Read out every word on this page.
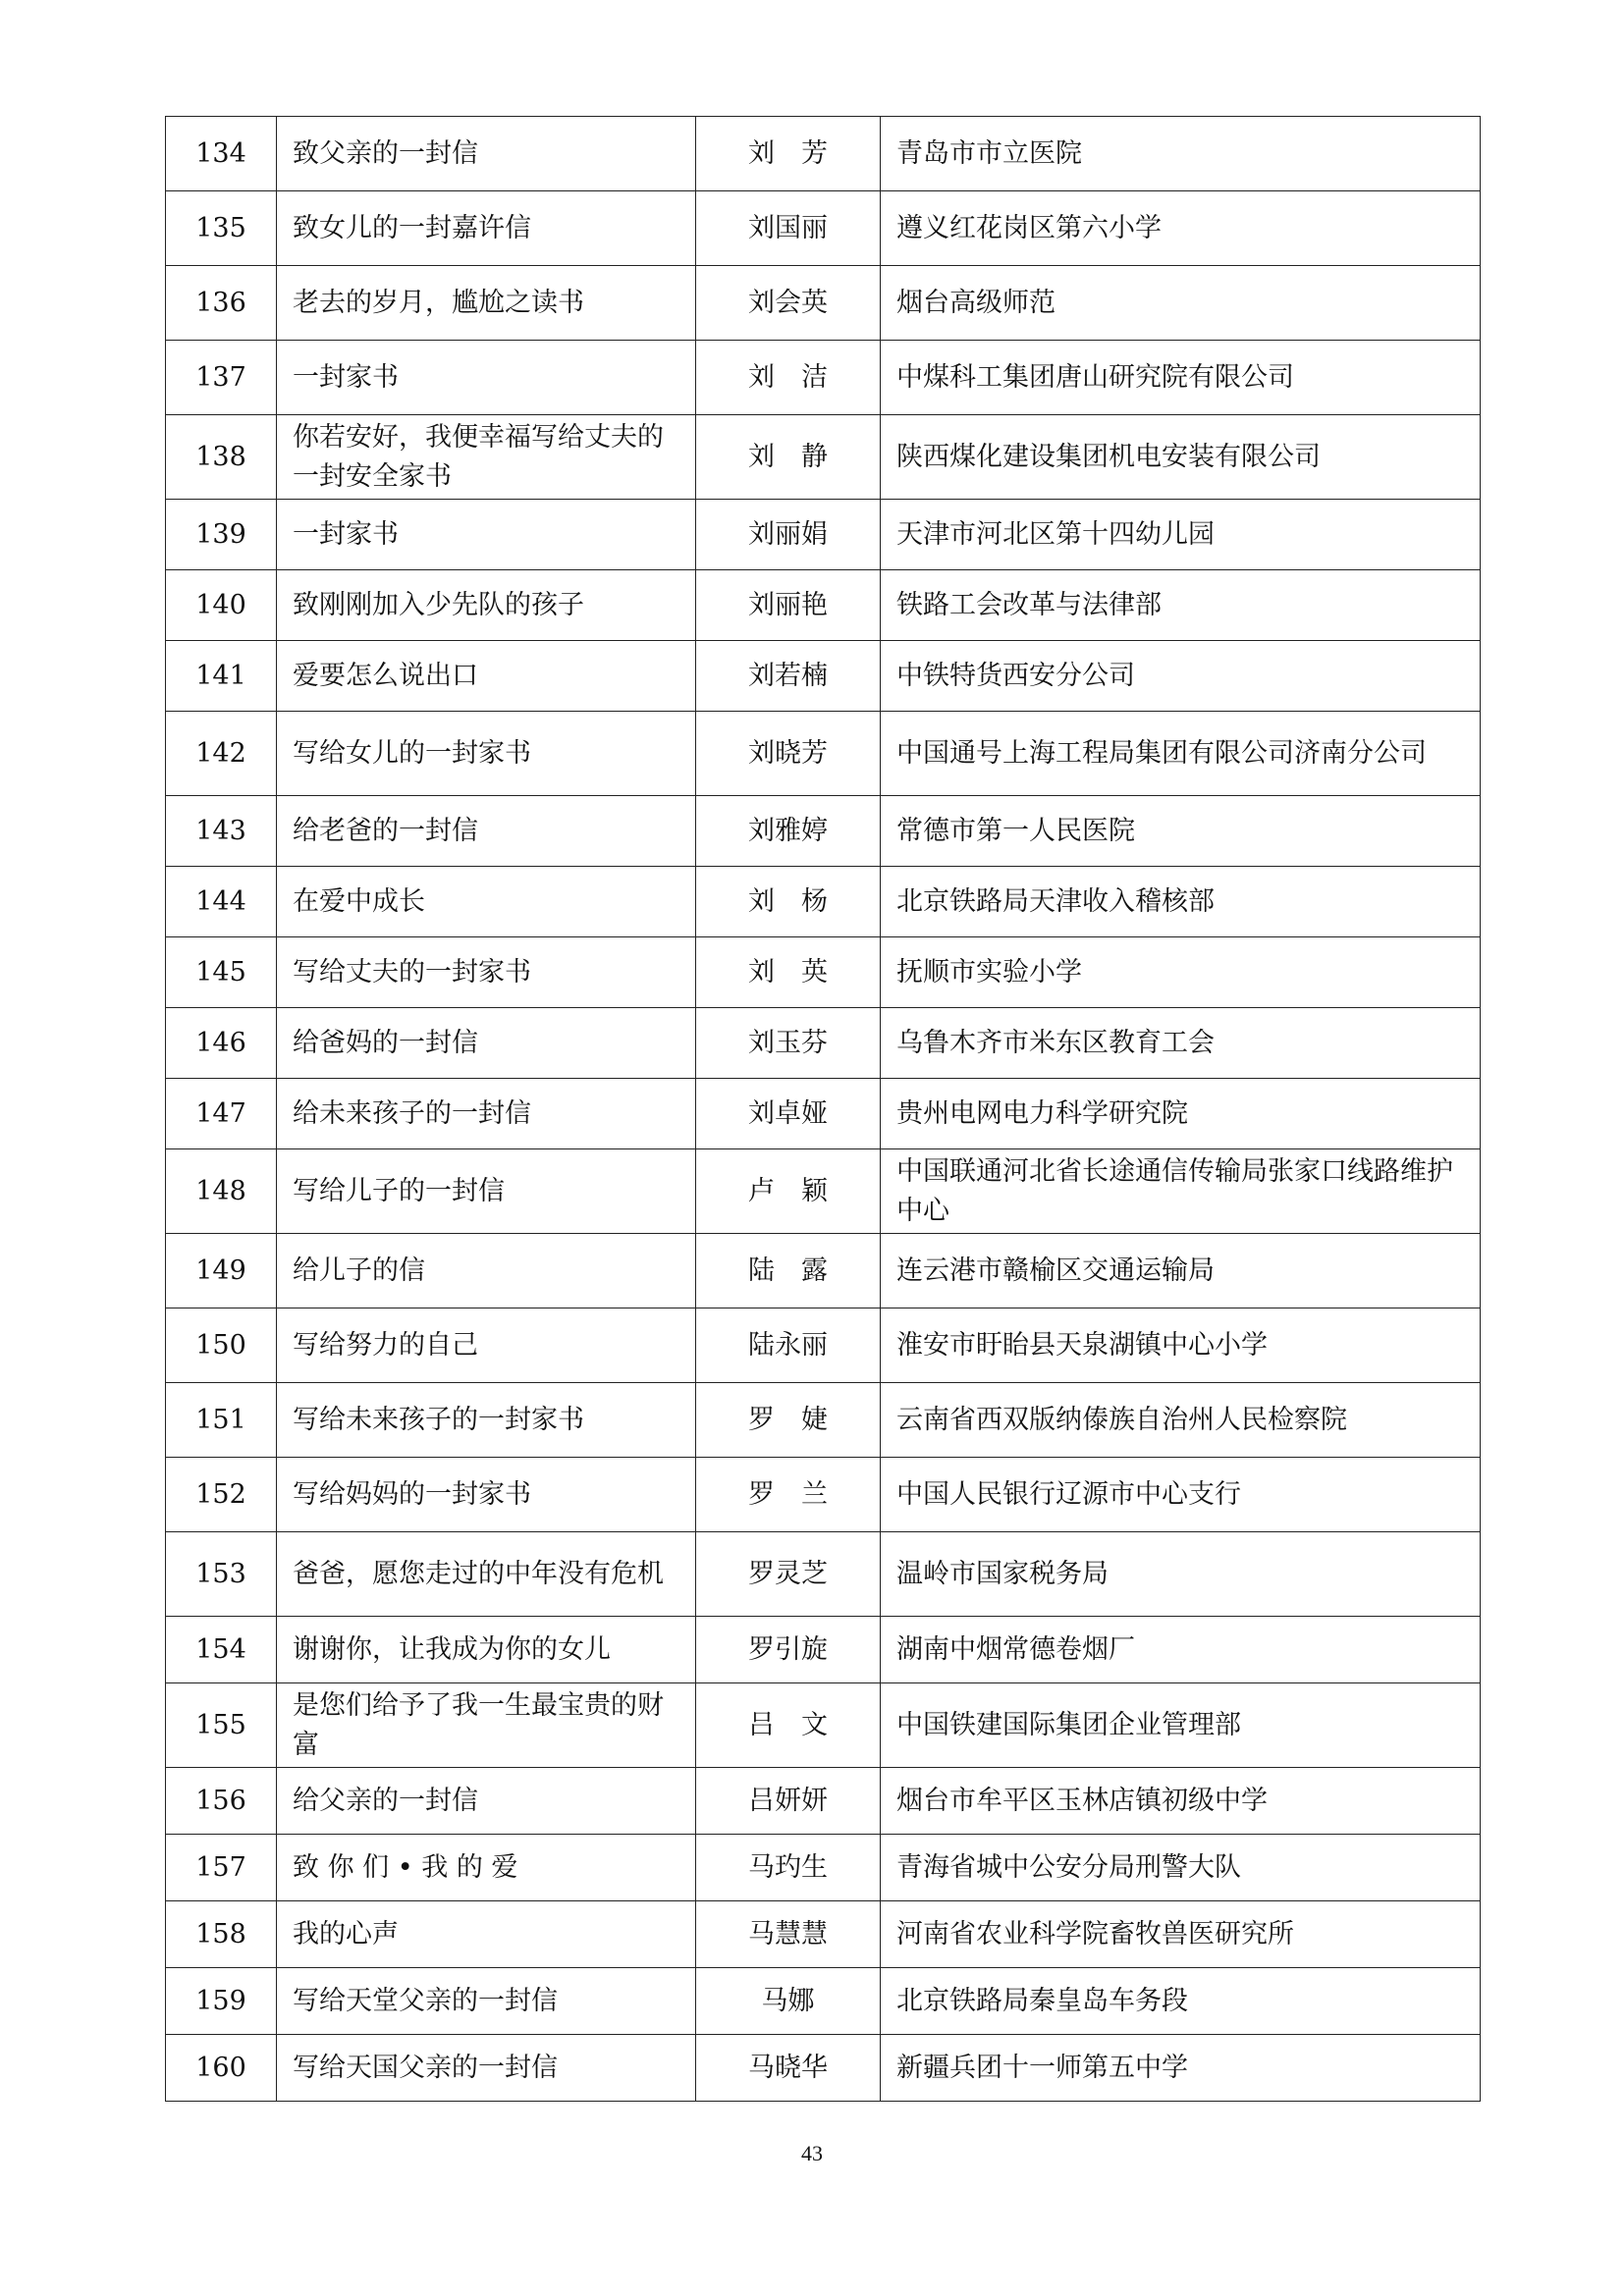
134	致父亲的一封信	刘芳	青岛市市立医院
135	致女儿的一封嘉许信	刘国丽	遵义红花岗区第六小学
136	老去的岁月，尴尬之读书	刘会英	烟台高级师范
137	一封家书	刘洁	中煤科工集团唐山研究院有限公司
138	你若安好，我便幸福写给丈夫的一封安全家书	刘静	陕西煤化建设集团机电安装有限公司
139	一封家书	刘丽娟	天津市河北区第十四幼儿园
140	致刚刚加入少先队的孩子	刘丽艳	铁路工会改革与法律部
141	爱要怎么说出口	刘若楠	中铁特货西安分公司
142	写给女儿的一封家书	刘晓芳	中国通号上海工程局集团有限公司济南分公司
143	给老爸的一封信	刘雅婷	常德市第一人民医院
144	在爱中成长	刘杨	北京铁路局天津收入稽核部
145	写给丈夫的一封家书	刘英	抚顺市实验小学
146	给爸妈的一封信	刘玉芬	乌鲁木齐市米东区教育工会
147	给未来孩子的一封信	刘卓娅	贵州电网电力科学研究院
148	写给儿子的一封信	卢颖	中国联通河北省长途通信传输局张家口线路维护中心
149	给儿子的信	陆露	连云港市赣榆区交通运输局
150	写给努力的自己	陆永丽	淮安市盱眙县天泉湖镇中心小学
151	写给未来孩子的一封家书	罗婕	云南省西双版纳傣族自治州人民检察院
152	写给妈妈的一封家书	罗兰	中国人民银行辽源市中心支行
153	爸爸，愿您走过的中年没有危机	罗灵芝	温岭市国家税务局
154	谢谢你，让我成为你的女儿	罗引旋	湖南中烟常德卷烟厂
155	是您们给予了我一生最宝贵的财富	吕文	中国铁建国际集团企业管理部
156	给父亲的一封信	吕妍妍	烟台市牟平区玉林店镇初级中学
157	致 你 们 • 我 的 爱	马玓生	青海省城中公安分局刑警大队
158	我的心声	马慧慧	河南省农业科学院畜牧兽医研究所
159	写给天堂父亲的一封信	马娜	北京铁路局秦皇岛车务段
160	写给天国父亲的一封信	马晓华	新疆兵团十一师第五中学
43
